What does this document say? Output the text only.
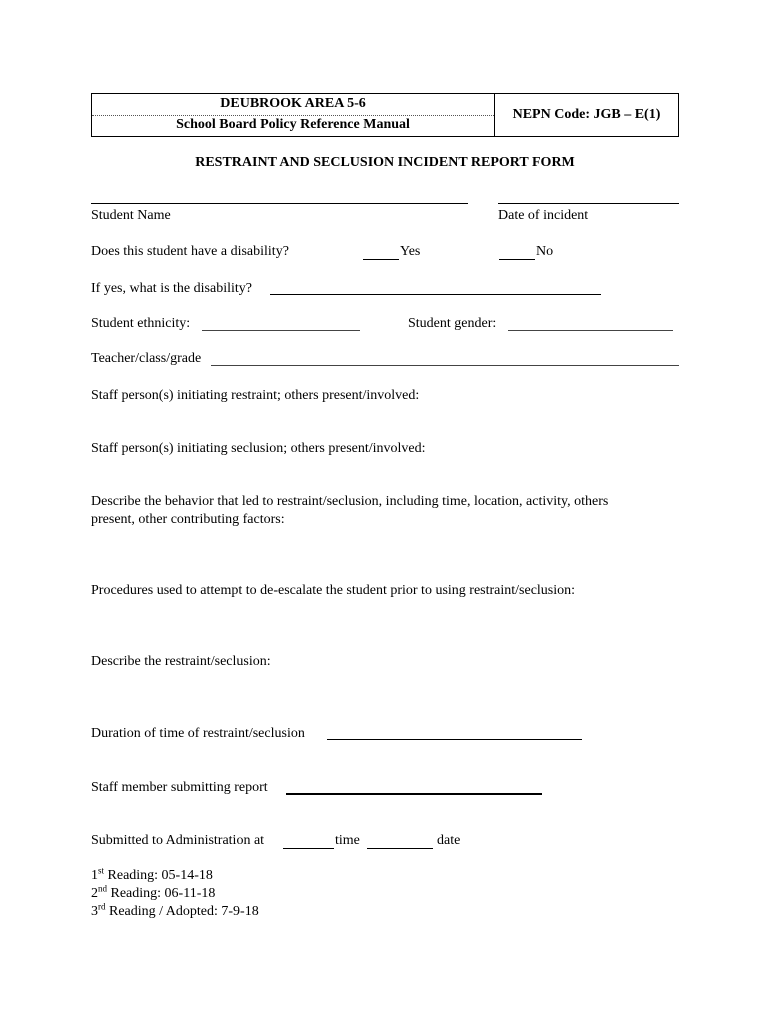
DEUBROOK AREA 5-6
School Board Policy Reference Manual
NEPN Code: JGB – E(1)
RESTRAINT AND SECLUSION INCIDENT REPORT FORM
Student Name	Date of incident
Does this student have a disability?	Yes	No
If yes, what is the disability?
Student ethnicity:	Student gender:
Teacher/class/grade
Staff person(s) initiating restraint; others present/involved:
Staff person(s) initiating seclusion; others present/involved:
Describe the behavior that led to restraint/seclusion, including time, location, activity, others
present, other contributing factors:
Procedures used to attempt to de-escalate the student prior to using restraint/seclusion:
Describe the restraint/seclusion:
Duration of time of restraint/seclusion
Staff member submitting report
Submitted to Administration at	time	date
1st Reading: 05-14-18
2nd Reading: 06-11-18
3rd Reading / Adopted: 7-9-18
